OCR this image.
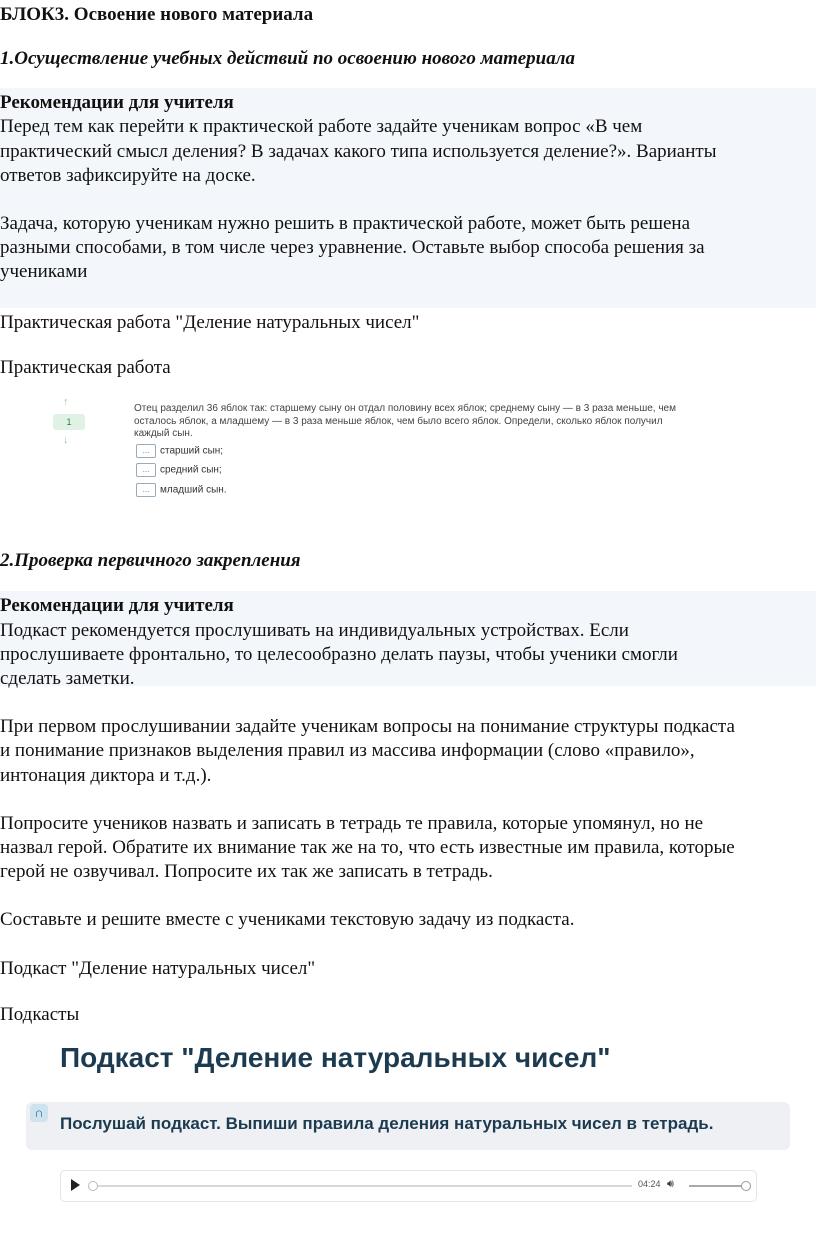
БЛОК3. Освоение нового материала
1.Осуществление учебных действий по освоению нового материала
Рекомендации для учителя
Перед тем как перейти к практической работе задайте ученикам вопрос «В чем
практический смысл деления? В задачах какого типа используется деление?». Варианты
ответов зафиксируйте на доске.
Задача, которую ученикам нужно решить в практической работе, может быть решена
разными способами, в том числе через уравнение. Оставьте выбор способа решения за
учениками
Практическая работа "Деление натуральных чисел"
Практическая работа
↑
1
↓
Отец разделил 36 яблок так: старшему сыну он отдал половину всех яблок; среднему сыну — в 3 раза меньше, чем
осталось яблок, а младшему — в 3 раза меньше яблок, чем было всего яблок. Определи, сколько яблок получил
каждый сын.
... старший сын;
... средний сын;
... младший сын.
2.Проверка первичного закрепления
Рекомендации для учителя
Подкаст рекомендуется прослушивать на индивидуальных устройствах. Если
прослушиваете фронтально, то целесообразно делать паузы, чтобы ученики смогли
сделать заметки.
При первом прослушивании задайте ученикам вопросы на понимание структуры подкаста
и понимание признаков выделения правил из массива информации (слово «правило»,
интонация диктора и т.д.).
Попросите учеников назвать и записать в тетрадь те правила, которые упомянул, но не
назвал герой. Обратите их внимание так же на то, что есть известные им правила, которые
герой не озвучивал. Попросите их так же записать в тетрадь.
Составьте и решите вместе с учениками текстовую задачу из подкаста.
Подкаст "Деление натуральных чисел"
Подкасты
Подкаст "Деление натуральных чисел"
∩
Послушай подкаст. Выпиши правила деления натуральных чисел в тетрадь.
04:24 🔊︎
